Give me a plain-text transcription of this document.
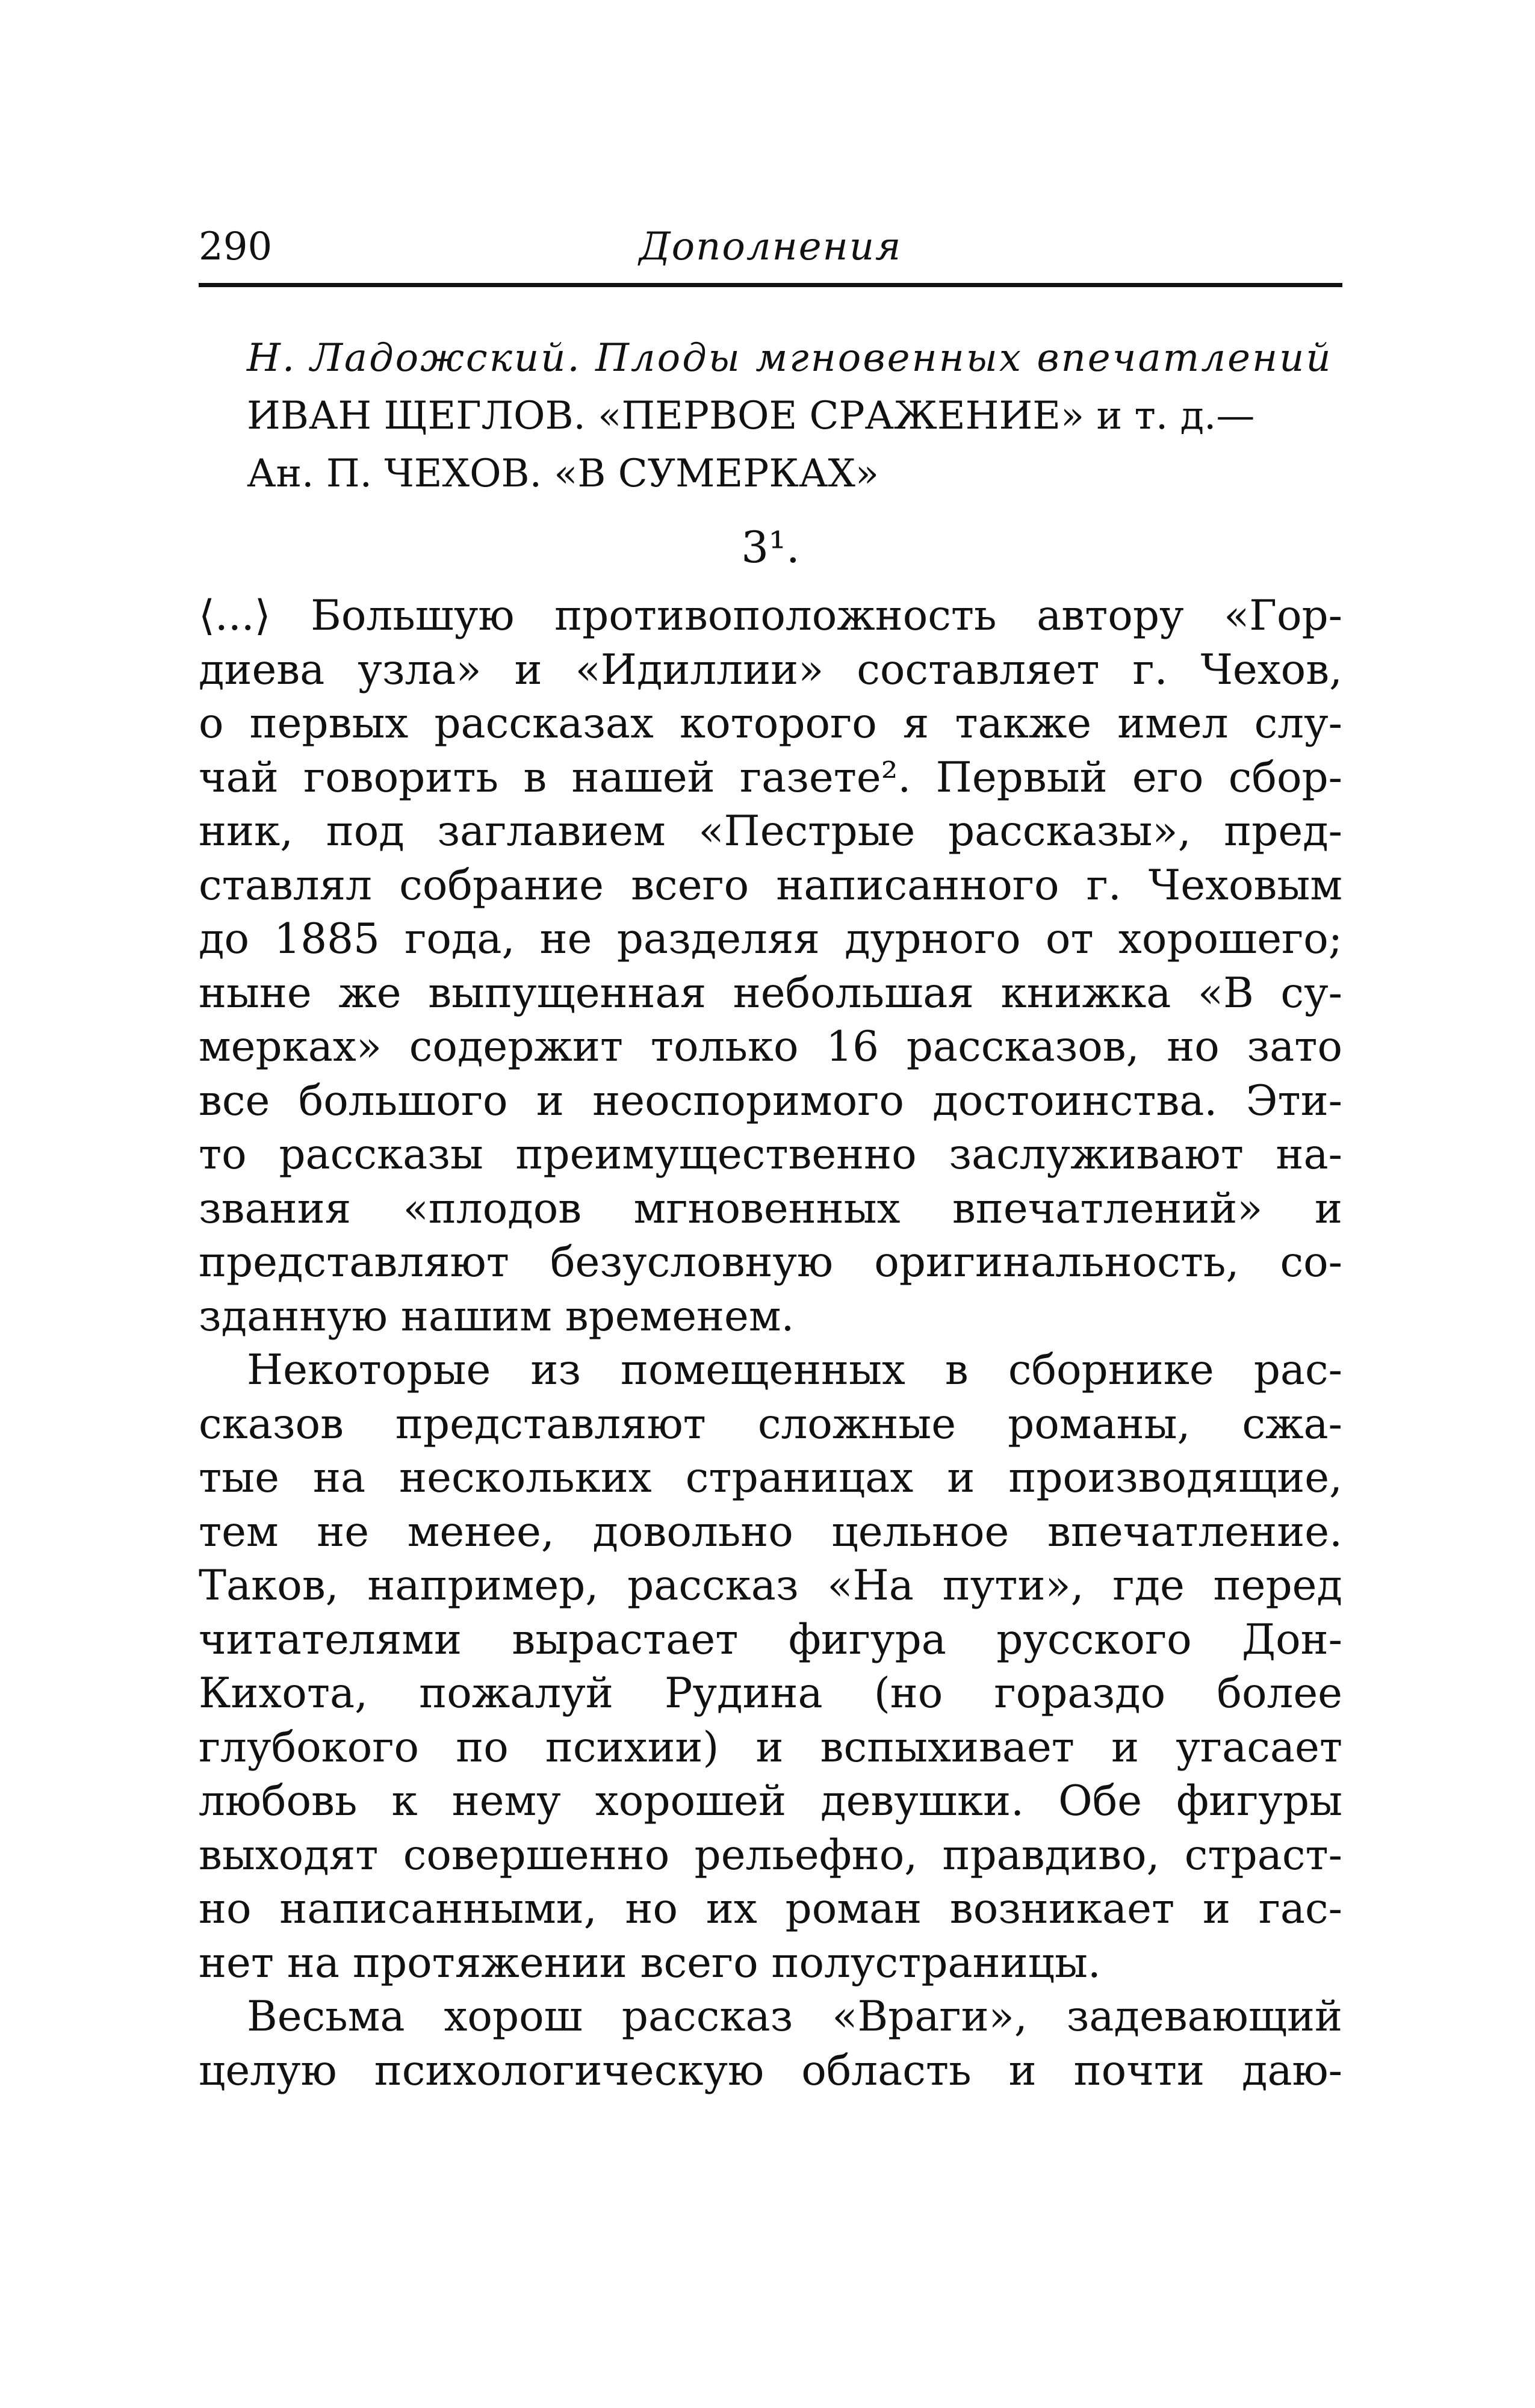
290	Дополнения
Н. Ладожский. Плоды мгновенных впечатлений
ИВАН ЩЕГЛОВ. «ПЕРВОЕ СРАЖЕНИЕ» и т. д.—
Ан. П. ЧЕХОВ. «В СУМЕРКАХ»
3¹.

⟨...⟩ Большую противоположность автору «Гор-
диева узла» и «Идиллии» составляет г. Чехов,
о первых рассказах которого я также имел слу-
чай говорить в нашей газете². Первый его сбор-
ник, под заглавием «Пестрые рассказы», пред-
ставлял собрание всего написанного г. Чеховым
до 1885 года, не разделяя дурного от хорошего;
ныне же выпущенная небольшая книжка «В су-
мерках» содержит только 16 рассказов, но зато
все большого и неоспоримого достоинства. Эти-
то рассказы преимущественно заслуживают на-
звания «плодов мгновенных впечатлений» и
представляют безусловную оригинальность, со-
зданную нашим временем.

Некоторые из помещенных в сборнике рас-
сказов представляют сложные романы, сжа-
тые на нескольких страницах и производящие,
тем не менее, довольно цельное впечатление.
Таков, например, рассказ «На пути», где перед
читателями вырастает фигура русского Дон-
Кихота, пожалуй Рудина (но гораздо более
глубокого по психии) и вспыхивает и угасает
любовь к нему хорошей девушки. Обе фигуры
выходят совершенно рельефно, правдиво, страст-
но написанными, но их роман возникает и гас-
нет на протяжении всего полустраницы.

Весьма хорош рассказ «Враги», задевающий
целую психологическую область и почти даю-
